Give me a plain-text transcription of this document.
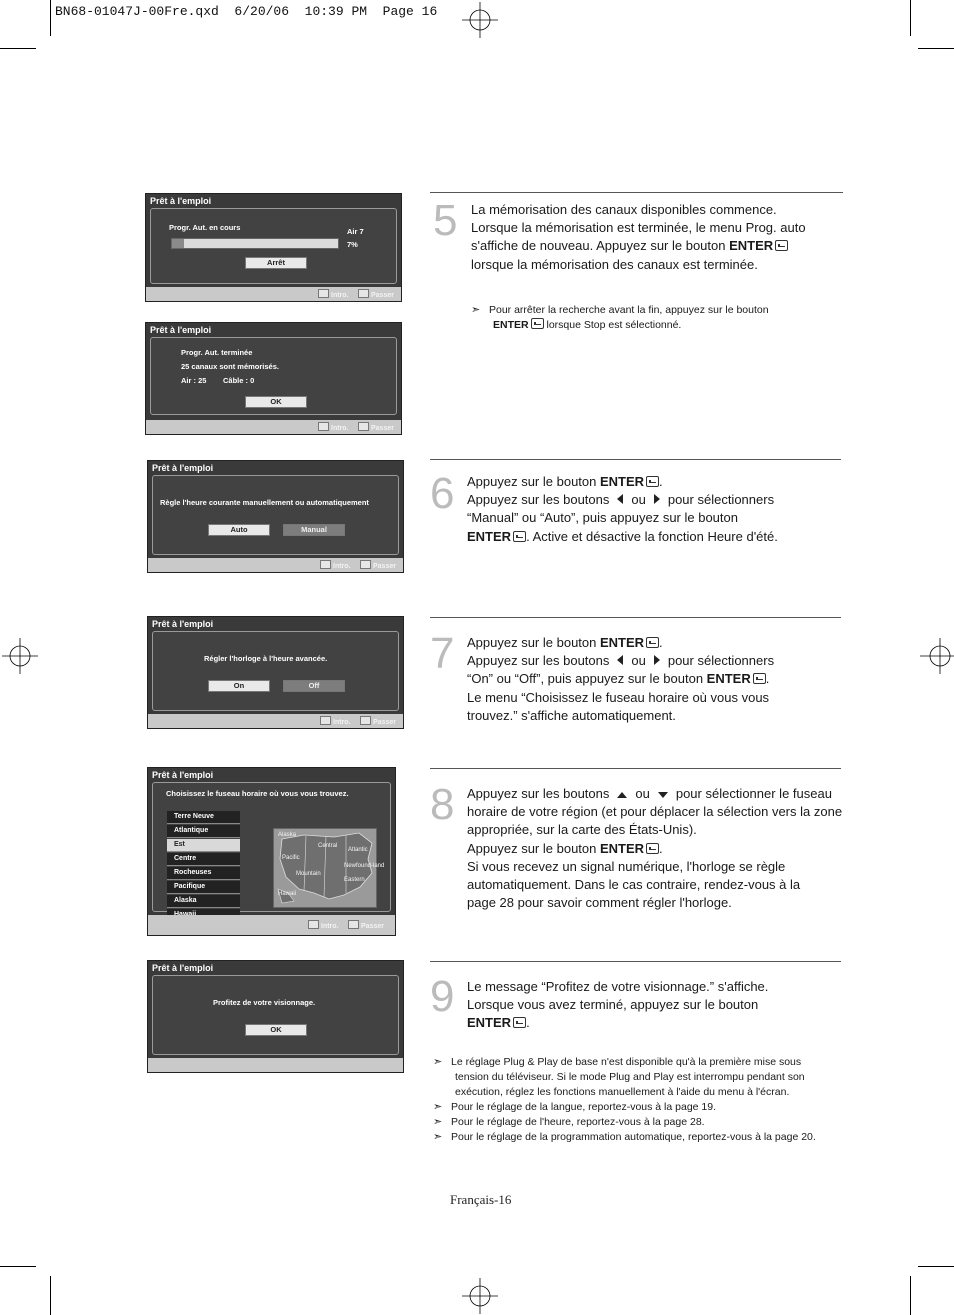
BN68-01047J-00Fre.qxd  6/20/06  10:39 PM  Page 16
Prêt à l'emploi
Progr. Aut. en cours	Air 7
7%
Arrêt
Intro.	Passer
Prêt à l'emploi
Progr. Aut. terminée
25 canaux sont mémorisés.
Air : 25 Câble : 0
OK
Intro.	Passer
Prêt à l'emploi
Règle l'heure courante manuellement ou automatiquement
Auto	Manual
Intro.	Passer
Prêt à l'emploi
Régler l'horloge à l'heure avancée.
On	Off
Intro.	Passer
Prêt à l'emploi
Choisissez le fuseau horaire où vous vous trouvez.
Terre Neuve
Atlantique
Est
Centre
Rocheuses
Pacifique
Alaska
Alaska
Pacific
Central
Atlantic
Newfound-land
Mountain
Eastern
Hawaii
Intro.	Passer
Prêt à l'emploi
Profitez de votre visionnage.
OK
5 La mémorisation des canaux disponibles commence.
Lorsque la mémorisation est terminée, le menu Prog. auto
s'affiche de nouveau. Appuyez sur le bouton ENTER
lorsque la mémorisation des canaux est terminée.
➣ Pour arrêter la recherche avant la fin, appuyez sur le bouton
ENTER lorsque Stop est sélectionné.
6 Appuyez sur le bouton ENTER .
Appuyez sur les boutons ou pour sélectionners
“Manual” ou “Auto”, puis appuyez sur le bouton
ENTER . Active et désactive la fonction Heure d'été.
7 Appuyez sur le bouton ENTER .
Appuyez sur les boutons ou pour sélectionners
“On” ou “Off”, puis appuyez sur le bouton ENTER .
Le menu “Choisissez le fuseau horaire où vous vous
trouvez.” s'affiche automatiquement.
8 Appuyez sur les boutons ou pour sélectionner le fuseau
horaire de votre région (et pour déplacer la sélection vers la zone
appropriée, sur la carte des États-Unis).
Appuyez sur le bouton ENTER .
Si vous recevez un signal numérique, l'horloge se règle
automatiquement. Dans le cas contraire, rendez-vous à la
page 28 pour savoir comment régler l'horloge.
9 Le message “Profitez de votre visionnage.” s'affiche.
Lorsque vous avez terminé, appuyez sur le bouton
ENTER .
➣ Le réglage Plug & Play de base n'est disponible qu'à la première mise sous
tension du téléviseur. Si le mode Plug and Play est interrompu pendant son
exécution, réglez les fonctions manuellement à l'aide du menu à l'écran.
➣ Pour le réglage de la langue, reportez-vous à la page 19.
➣ Pour le réglage de l'heure, reportez-vous à la page 28.
➣ Pour le réglage de la programmation automatique, reportez-vous à la page 20.
Français-16
